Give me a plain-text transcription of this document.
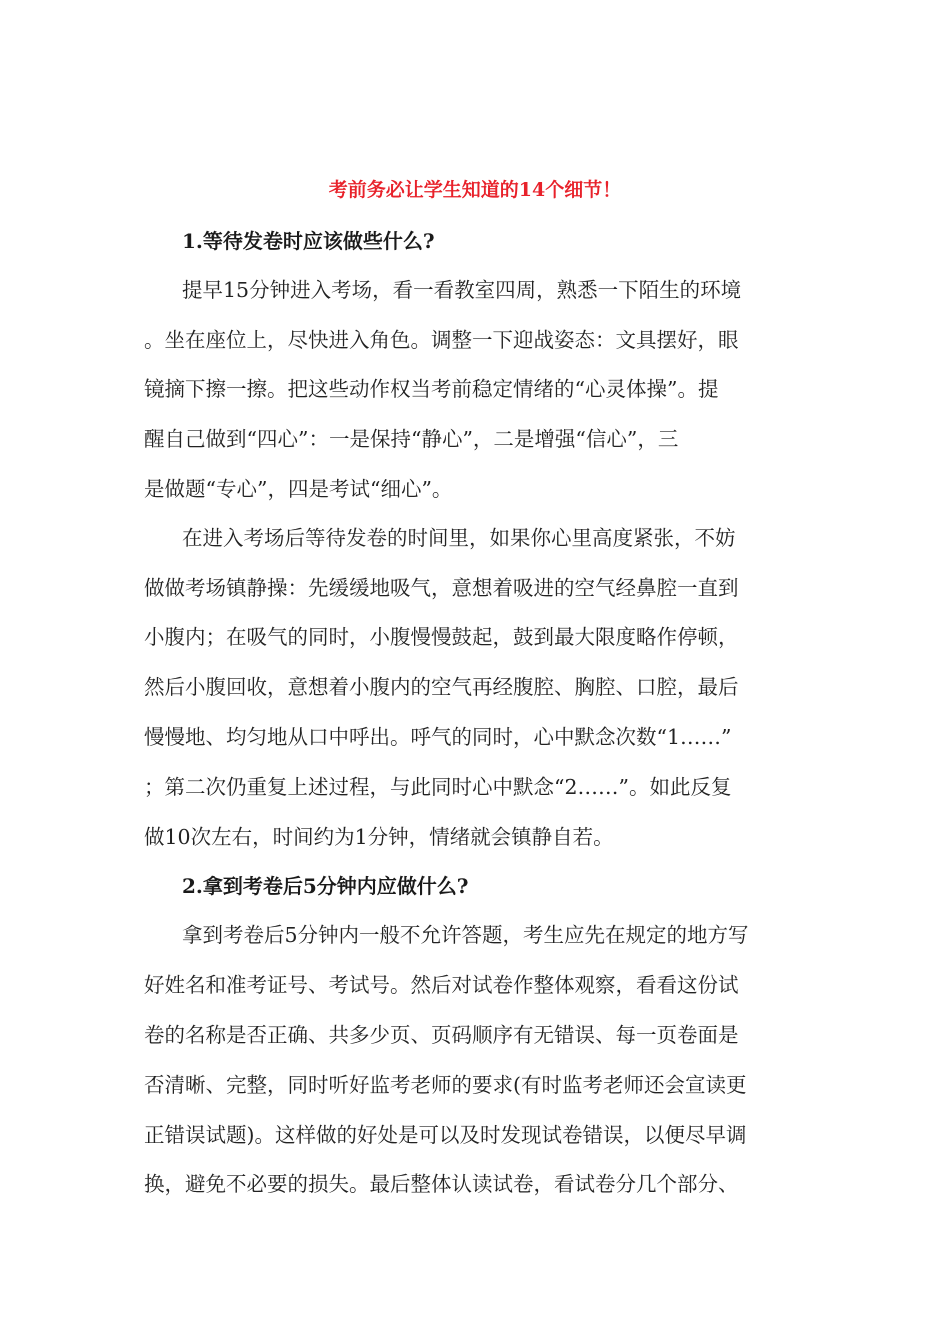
考前务必让学生知道的14个细节！
1.等待发卷时应该做些什么?
提早15分钟进入考场，看一看教室四周，熟悉一下陌生的环境
。坐在座位上，尽快进入角色。调整一下迎战姿态：文具摆好，眼
镜摘下擦一擦。把这些动作权当考前稳定情绪的“心灵体操”。提
醒自己做到“四心”：一是保持“静心”，二是增强“信心”，三
是做题“专心”，四是考试“细心”。
在进入考场后等待发卷的时间里，如果你心里高度紧张，不妨
做做考场镇静操：先缓缓地吸气，意想着吸进的空气经鼻腔一直到
小腹内；在吸气的同时，小腹慢慢鼓起，鼓到最大限度略作停顿，
然后小腹回收，意想着小腹内的空气再经腹腔、胸腔、口腔，最后
慢慢地、均匀地从口中呼出。呼气的同时，心中默念次数“1……”
；第二次仍重复上述过程，与此同时心中默念“2……”。如此反复
做10次左右，时间约为1分钟，情绪就会镇静自若。
2.拿到考卷后5分钟内应做什么?
拿到考卷后5分钟内一般不允许答题，考生应先在规定的地方写
好姓名和准考证号、考试号。然后对试卷作整体观察，看看这份试
卷的名称是否正确、共多少页、页码顺序有无错误、每一页卷面是
否清晰、完整，同时听好监考老师的要求(有时监考老师还会宣读更
正错误试题)。这样做的好处是可以及时发现试卷错误，以便尽早调
换，避免不必要的损失。最后整体认读试卷，看试卷分几个部分、
